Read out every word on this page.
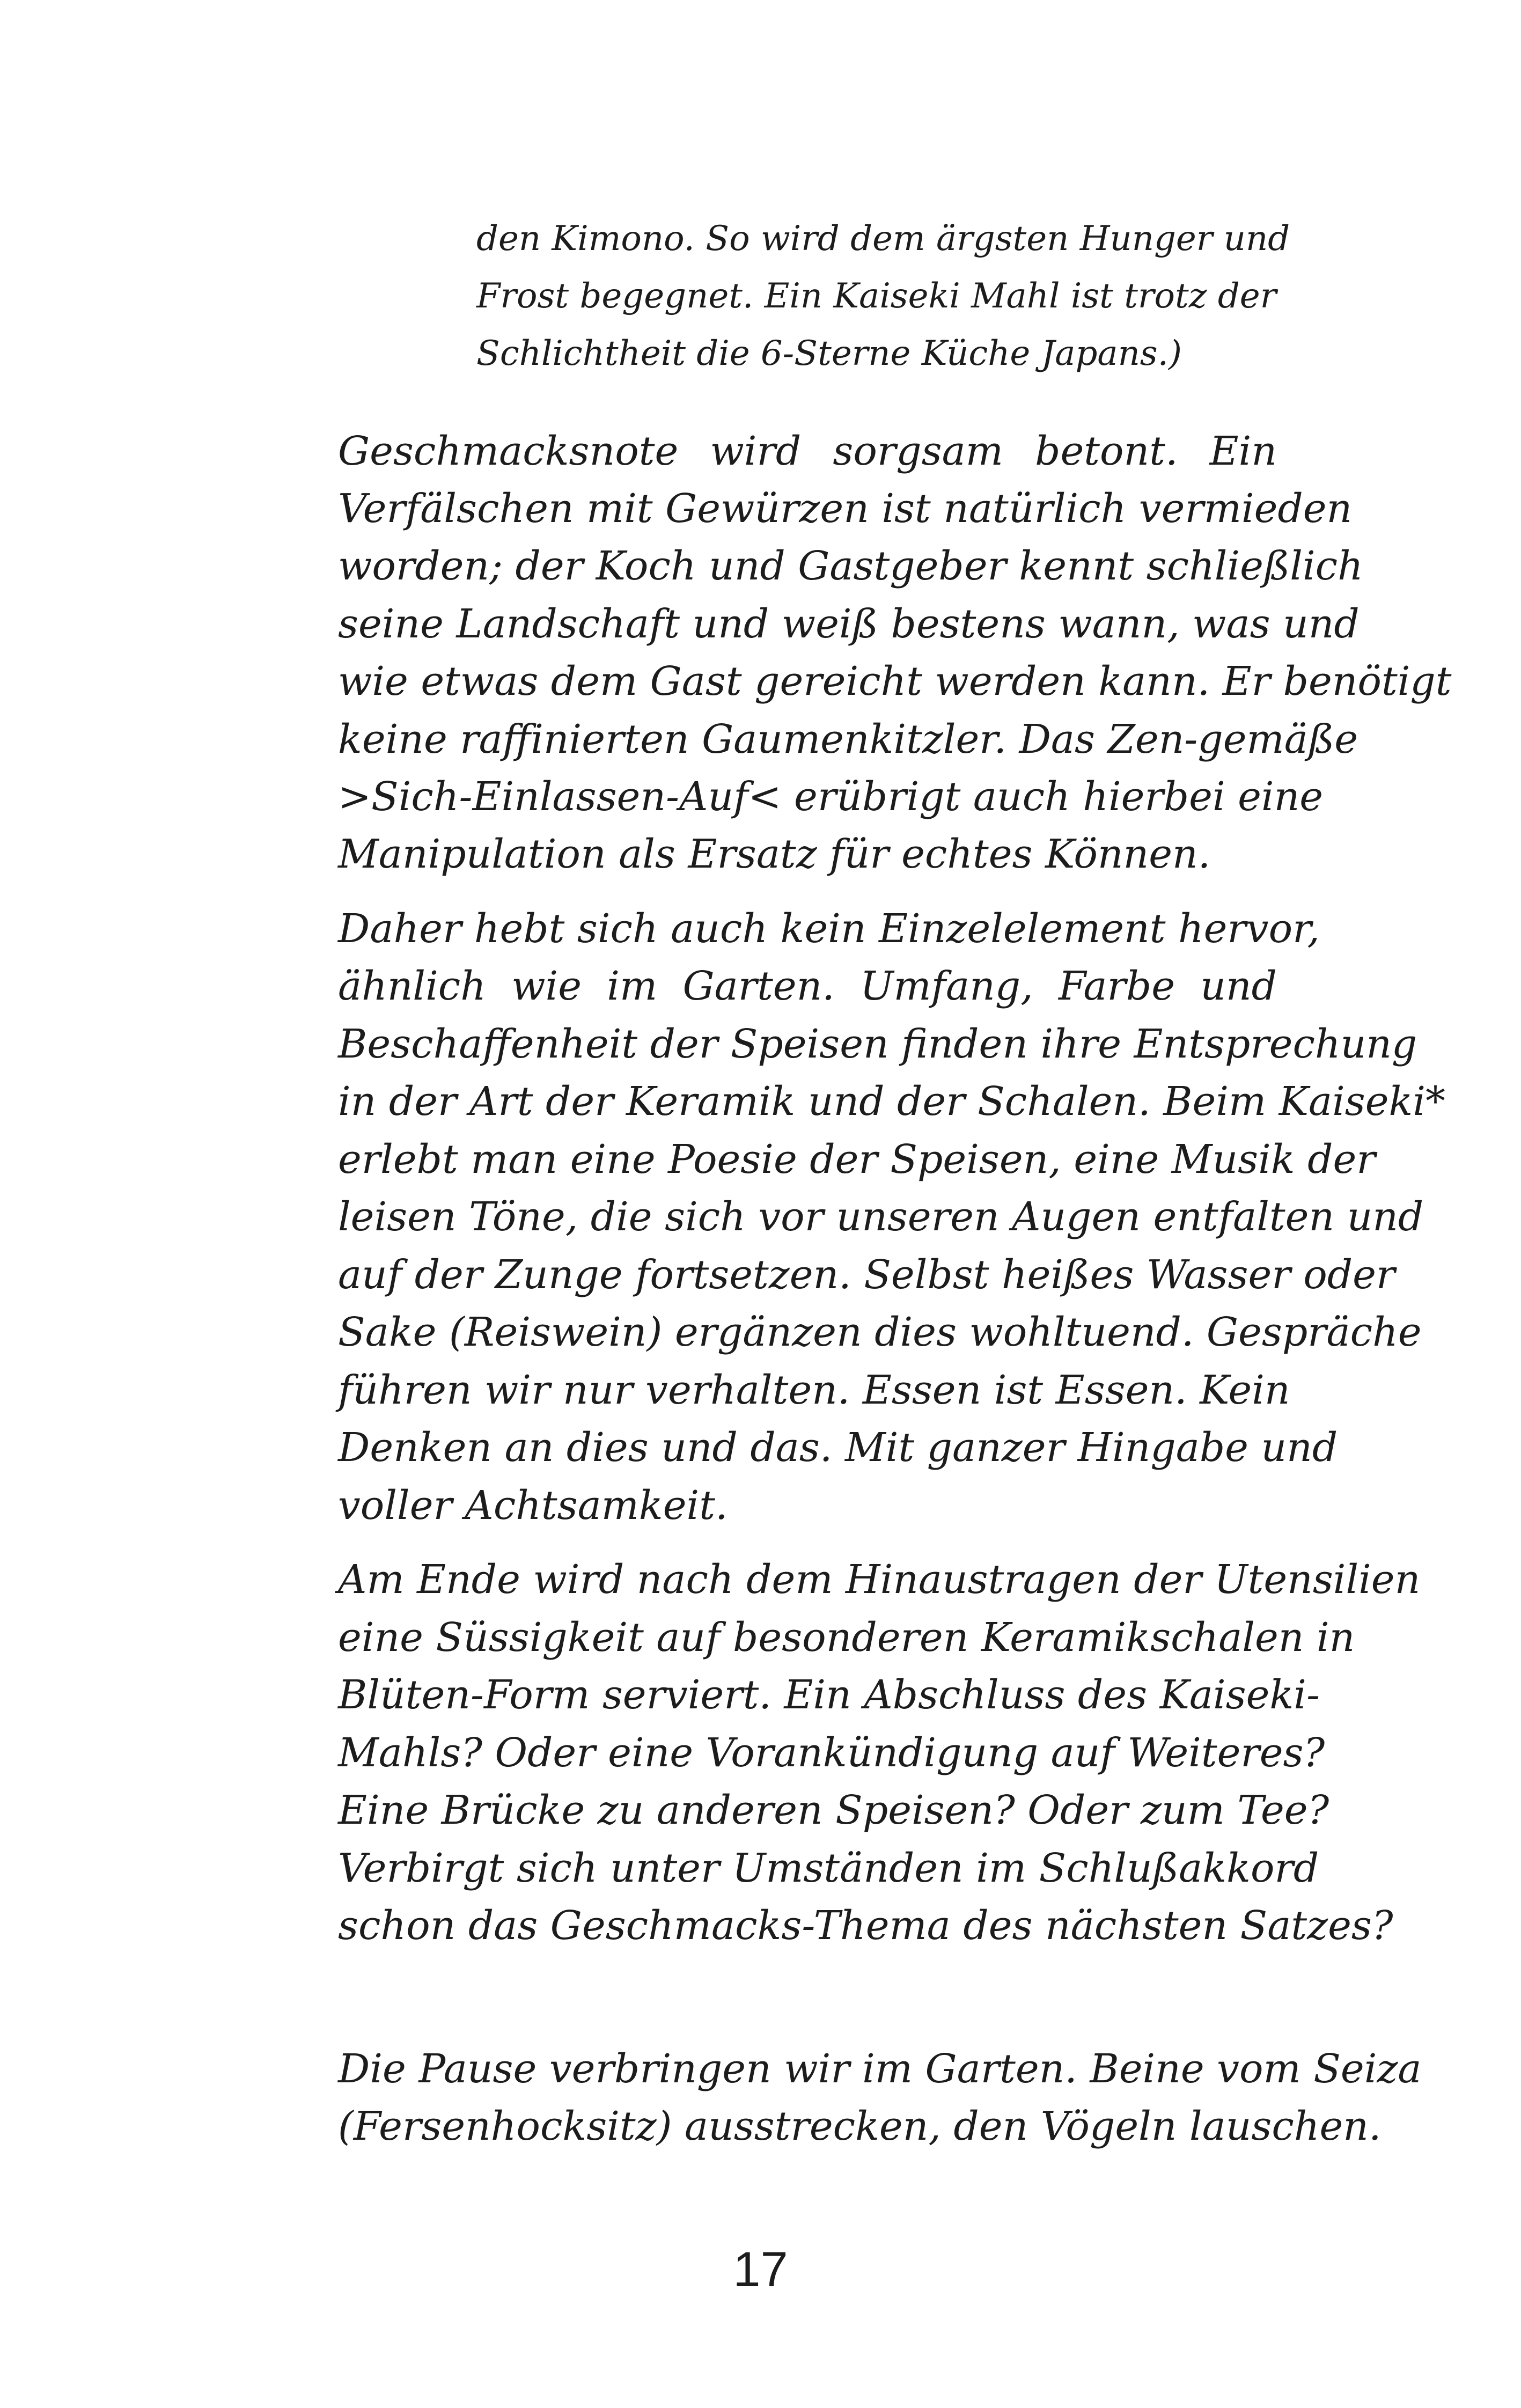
den Kimono. So wird dem ärgsten Hunger und
Frost begegnet. Ein Kaiseki Mahl ist trotz der
Schlichtheit die 6-Sterne Küche Japans.)
Geschmacksnote wird sorgsam betont. Ein
Verfälschen mit Gewürzen ist natürlich vermieden
worden; der Koch und Gastgeber kennt schließlich
seine Landschaft und weiß bestens wann, was und
wie etwas dem Gast gereicht werden kann. Er benötigt
keine raffinierten Gaumenkitzler. Das Zen-gemäße
>Sich-Einlassen-Auf< erübrigt auch hierbei eine
Manipulation als Ersatz für echtes Können.
Daher hebt sich auch kein Einzelelement hervor,
ähnlich wie im Garten. Umfang, Farbe und
Beschaffenheit der Speisen finden ihre Entsprechung
in der Art der Keramik und der Schalen. Beim Kaiseki*
erlebt man eine Poesie der Speisen, eine Musik der
leisen Töne, die sich vor unseren Augen entfalten und
auf der Zunge fortsetzen. Selbst heißes Wasser oder
Sake (Reiswein) ergänzen dies wohltuend. Gespräche
führen wir nur verhalten. Essen ist Essen. Kein
Denken an dies und das. Mit ganzer Hingabe und
voller Achtsamkeit.
Am Ende wird nach dem Hinaustragen der Utensilien
eine Süssigkeit auf besonderen Keramikschalen in
Blüten-Form serviert. Ein Abschluss des Kaiseki-
Mahls? Oder eine Vorankündigung auf Weiteres?
Eine Brücke zu anderen Speisen? Oder zum Tee?
Verbirgt sich unter Umständen im Schlußakkord
schon das Geschmacks-Thema des nächsten Satzes?
Die Pause verbringen wir im Garten. Beine vom Seiza
(Fersenhocksitz) ausstrecken, den Vögeln lauschen.
17
